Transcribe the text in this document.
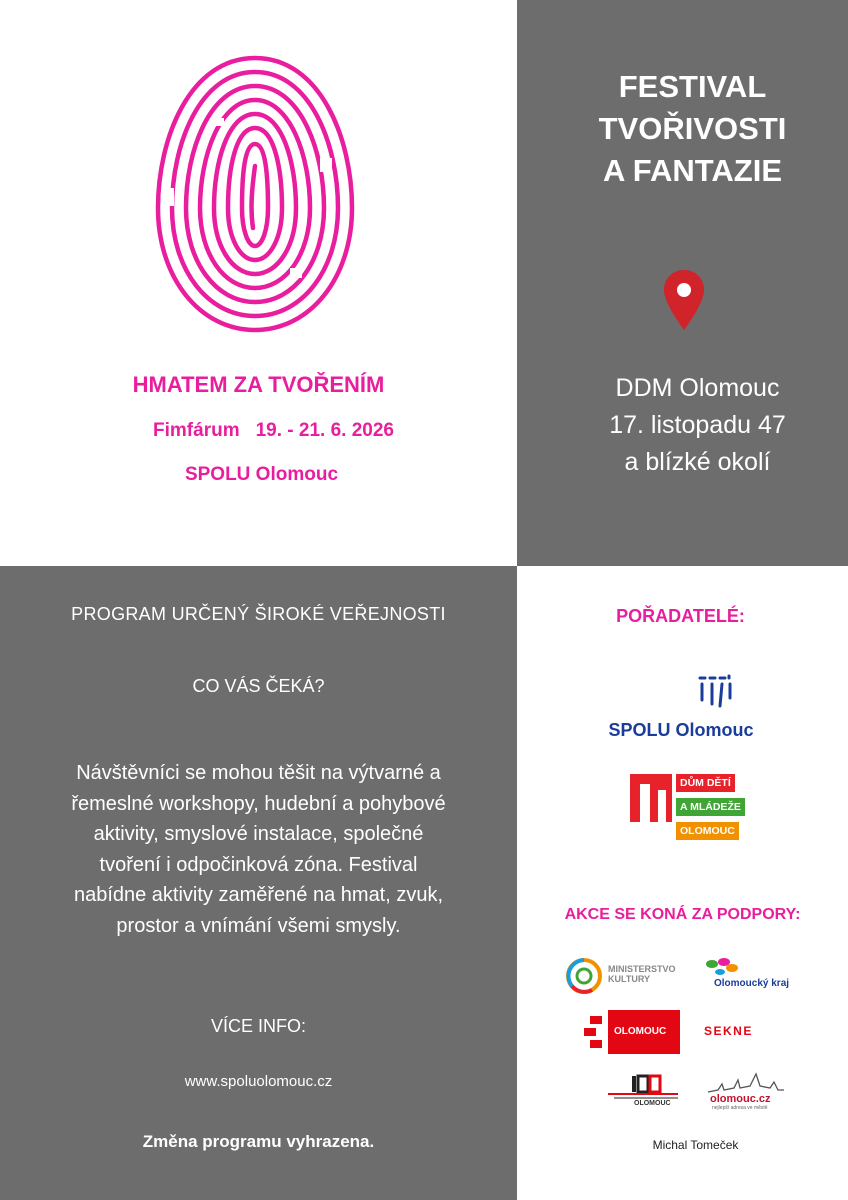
HMATEM ZA TVOŘENÍM
Fimfárum 19. - 21. 6. 2026
SPOLU Olomouc
FESTIVAL
TVOŘIVOSTI
A FANTAZIE
DDM Olomouc
17. listopadu 47
a blízké okolí
PROGRAM URČENÝ ŠIROKÉ VEŘEJNOSTI
CO VÁS ČEKÁ?
Návštěvníci se mohou těšit na výtvarné a
řemeslné workshopy, hudební a pohybové
aktivity, smyslové instalace, společné
tvoření i odpočinková zóna. Festival
nabídne aktivity zaměřené na hmat, zvuk,
prostor a vnímání všemi smysly.
VÍCE INFO:
www.spoluolomouc.cz
Změna programu vyhrazena.
POŘADATELÉ:
SPOLU Olomouc
DŮM DĚTÍ
A MLÁDEŽE
OLOMOUC
AKCE SE KONÁ ZA PODPORY:
MINISTERSTVO
KULTURY	Olomoucký kraj
OLOMOUC	SEKNE
OLOMOUC	olomouc.cz
nejlepší adresa ve městě
Michal Tomeček
